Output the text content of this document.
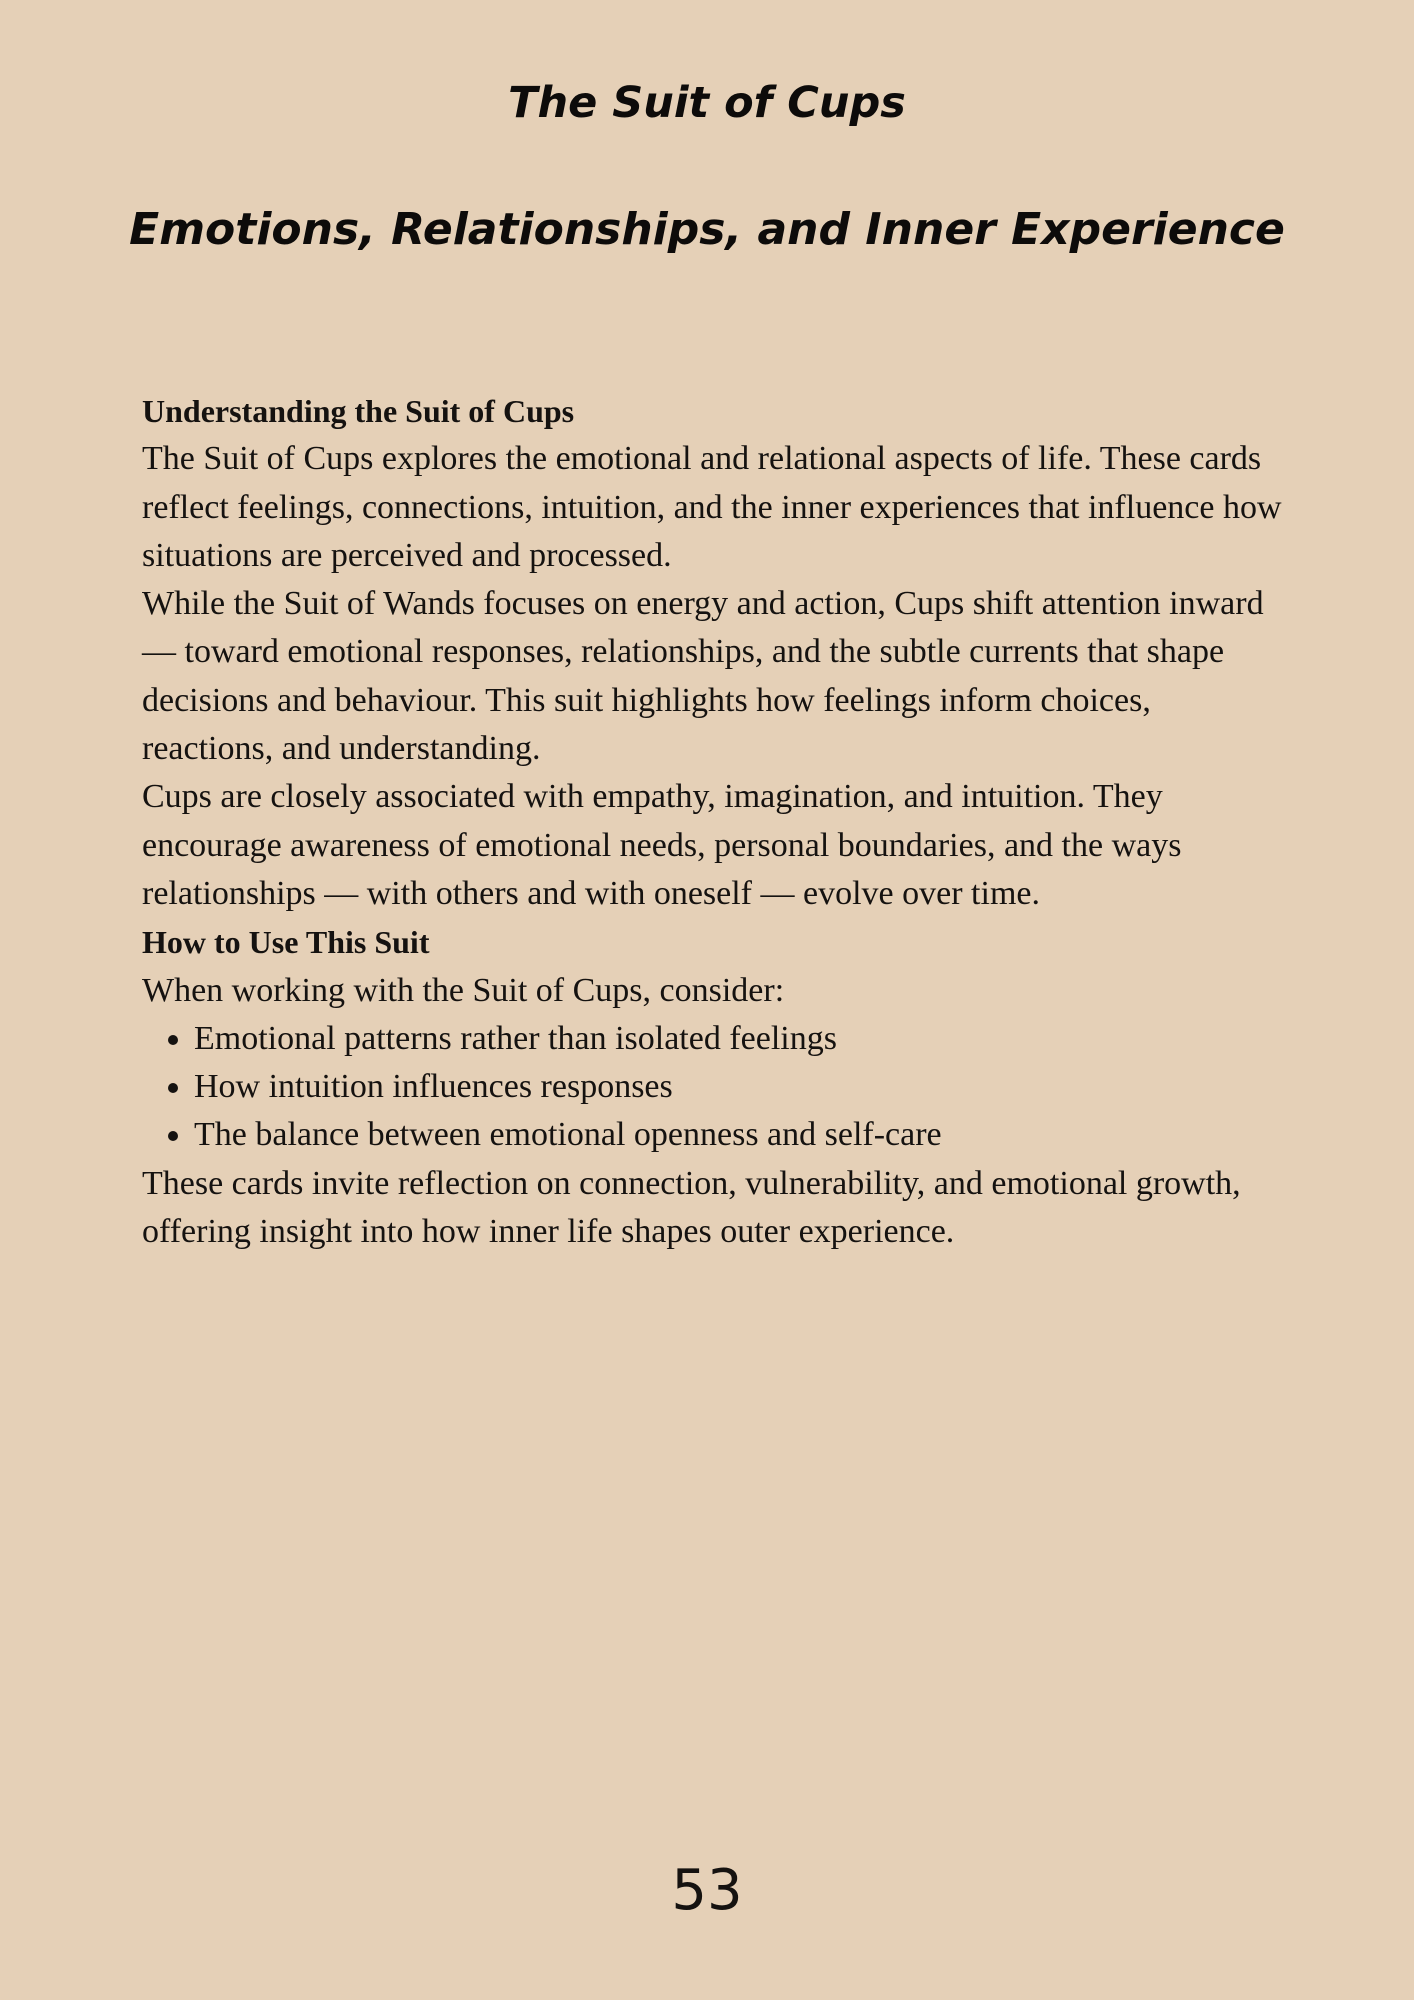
The Suit of Cups
Emotions, Relationships, and Inner Experience
Understanding the Suit of Cups

The Suit of Cups explores the emotional and relational aspects of life. These cards reflect feelings, connections, intuition, and the inner experiences that influence how situations are perceived and processed.

While the Suit of Wands focuses on energy and action, Cups shift attention inward — toward emotional responses, relationships, and the subtle currents that shape decisions and behaviour. This suit highlights how feelings inform choices, reactions, and understanding.

Cups are closely associated with empathy, imagination, and intuition. They encourage awareness of emotional needs, personal boundaries, and the ways relationships — with others and with oneself — evolve over time.

How to Use This Suit

When working with the Suit of Cups, consider:

• Emotional patterns rather than isolated feelings
• How intuition influences responses
• The balance between emotional openness and self-care

These cards invite reflection on connection, vulnerability, and emotional growth, offering insight into how inner life shapes outer experience.

53
